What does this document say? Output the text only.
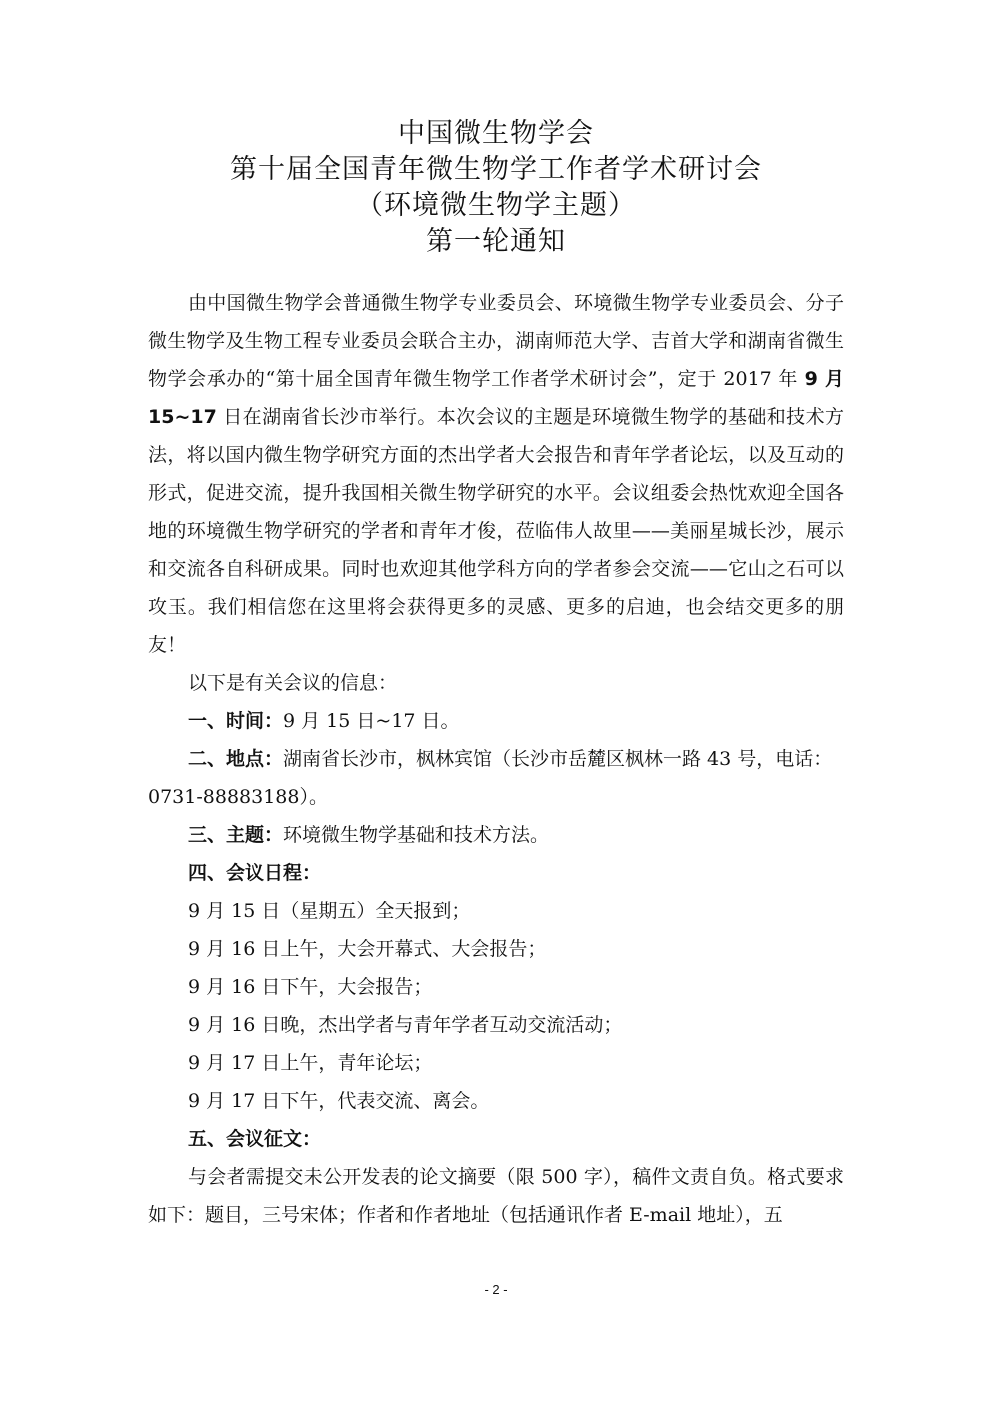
中国微生物学会
第十届全国青年微生物学工作者学术研讨会
（环境微生物学主题）
第一轮通知

由中国微生物学会普通微生物学专业委员会、环境微生物学专业委员会、分子微生物学及生物工程专业委员会联合主办，湖南师范大学、吉首大学和湖南省微生物学会承办的“第十届全国青年微生物学工作者学术研讨会”，定于 2017 年 9 月 15~17 日在湖南省长沙市举行。本次会议的主题是环境微生物学的基础和技术方法，将以国内微生物学研究方面的杰出学者大会报告和青年学者论坛，以及互动的形式，促进交流，提升我国相关微生物学研究的水平。会议组委会热忱欢迎全国各地的环境微生物学研究的学者和青年才俊，莅临伟人故里——美丽星城长沙，展示和交流各自科研成果。同时也欢迎其他学科方向的学者参会交流——它山之石可以攻玉。我们相信您在这里将会获得更多的灵感、更多的启迪，也会结交更多的朋友！

以下是有关会议的信息：

一、时间：9 月 15 日~17 日。

二、地点：湖南省长沙市，枫林宾馆（长沙市岳麓区枫林一路 43 号，电话：

0731-88883188）。

三、主题：环境微生物学基础和技术方法。

四、会议日程：

9 月 15 日（星期五）全天报到；

9 月 16 日上午，大会开幕式、大会报告；

9 月 16 日下午，大会报告；

9 月 16 日晚，杰出学者与青年学者互动交流活动；

9 月 17 日上午，青年论坛；

9 月 17 日下午，代表交流、离会。

五、会议征文：

与会者需提交未公开发表的论文摘要（限 500 字），稿件文责自负。格式要求如下：题目，三号宋体；作者和作者地址（包括通讯作者 E-mail 地址），五

- 2 -
